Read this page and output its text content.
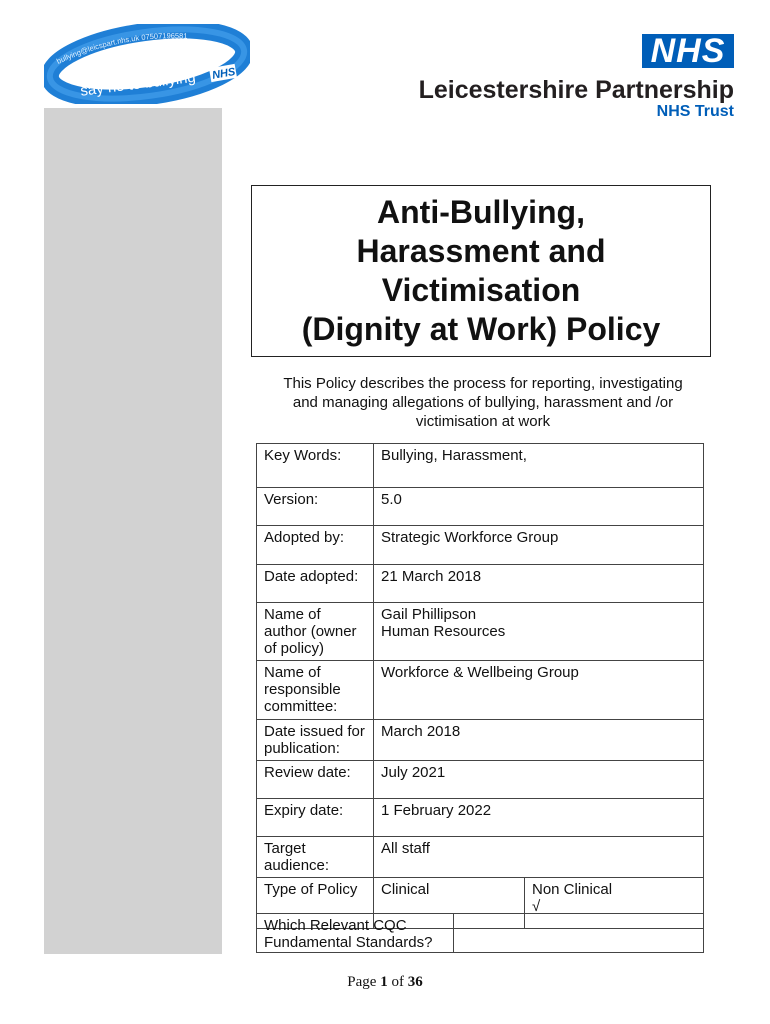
bullying@leicspart.nhs.uk 07507196581
say no to bullying NHS
NHS
Leicestershire Partnership
NHS Trust
Anti-Bullying,
Harassment and
Victimisation
(Dignity at Work) Policy
This Policy describes the process for reporting, investigating
and managing allegations of bullying, harassment and /or
victimisation at work
Key Words:	Bullying, Harassment,	
Version:	5.0	
Adopted by:	Strategic Workforce Group	
Date adopted:	21 March 2018	
Name of author (owner of policy)	Gail Phillipson
Human Resources	

Name of responsible committee:	Workforce & Wellbeing Group	
Date issued for publication:	March 2018	
Review date:	July 2021	
Expiry date:	1 February 2022	
Target audience:	All staff	
Type of Policy	Clinical	Non Clinical
√
Which Relevant CQC Fundamental Standards?
Page 1 of 36
